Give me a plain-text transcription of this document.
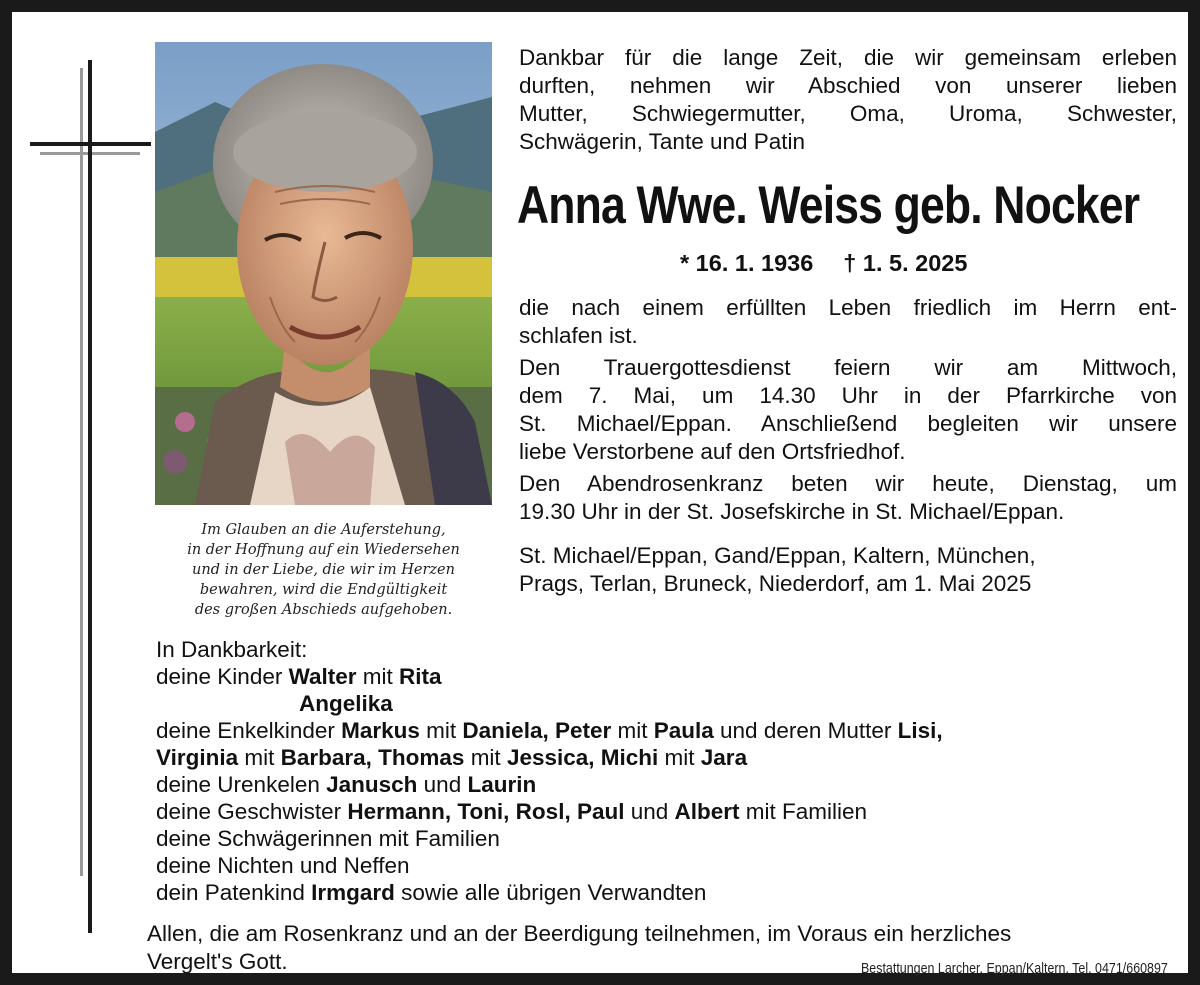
Im Glauben an die Auferstehung,
in der Hoffnung auf ein Wiedersehen
und in der Liebe, die wir im Herzen
bewahren, wird die Endgültigkeit
des großen Abschieds aufgehoben.
Dankbar für die lange Zeit, die wir gemeinsam erleben
durften, nehmen wir Abschied von unserer lieben
Mutter, Schwiegermutter, Oma, Uroma, Schwester,
Schwägerin, Tante und Patin
Anna Wwe. Weiss geb. Nocker
* 16. 1. 1936 † 1. 5. 2025
die nach einem erfüllten Leben friedlich im Herrn ent-
schlafen ist.
Den Trauergottesdienst feiern wir am Mittwoch,
dem 7. Mai, um 14.30 Uhr in der Pfarrkirche von
St. Michael/Eppan. Anschließend begleiten wir unsere
liebe Verstorbene auf den Ortsfriedhof.
Den Abendrosenkranz beten wir heute, Dienstag, um
19.30 Uhr in der St. Josefskirche in St. Michael/Eppan.
St. Michael/Eppan, Gand/Eppan, Kaltern, München,
Prags, Terlan, Bruneck, Niederdorf, am 1. Mai 2025
In Dankbarkeit:
deine Kinder Walter mit Rita
Angelika
deine Enkelkinder Markus mit Daniela, Peter mit Paula und deren Mutter Lisi,
Virginia mit Barbara, Thomas mit Jessica, Michi mit Jara
deine Urenkelen Janusch und Laurin
deine Geschwister Hermann, Toni, Rosl, Paul und Albert mit Familien
deine Schwägerinnen mit Familien
deine Nichten und Neffen
dein Patenkind Irmgard sowie alle übrigen Verwandten
Allen, die am Rosenkranz und an der Beerdigung teilnehmen, im Voraus ein herzliches
Vergelt's Gott.	Bestattungen Larcher, Eppan/Kaltern, Tel. 0471/660897
